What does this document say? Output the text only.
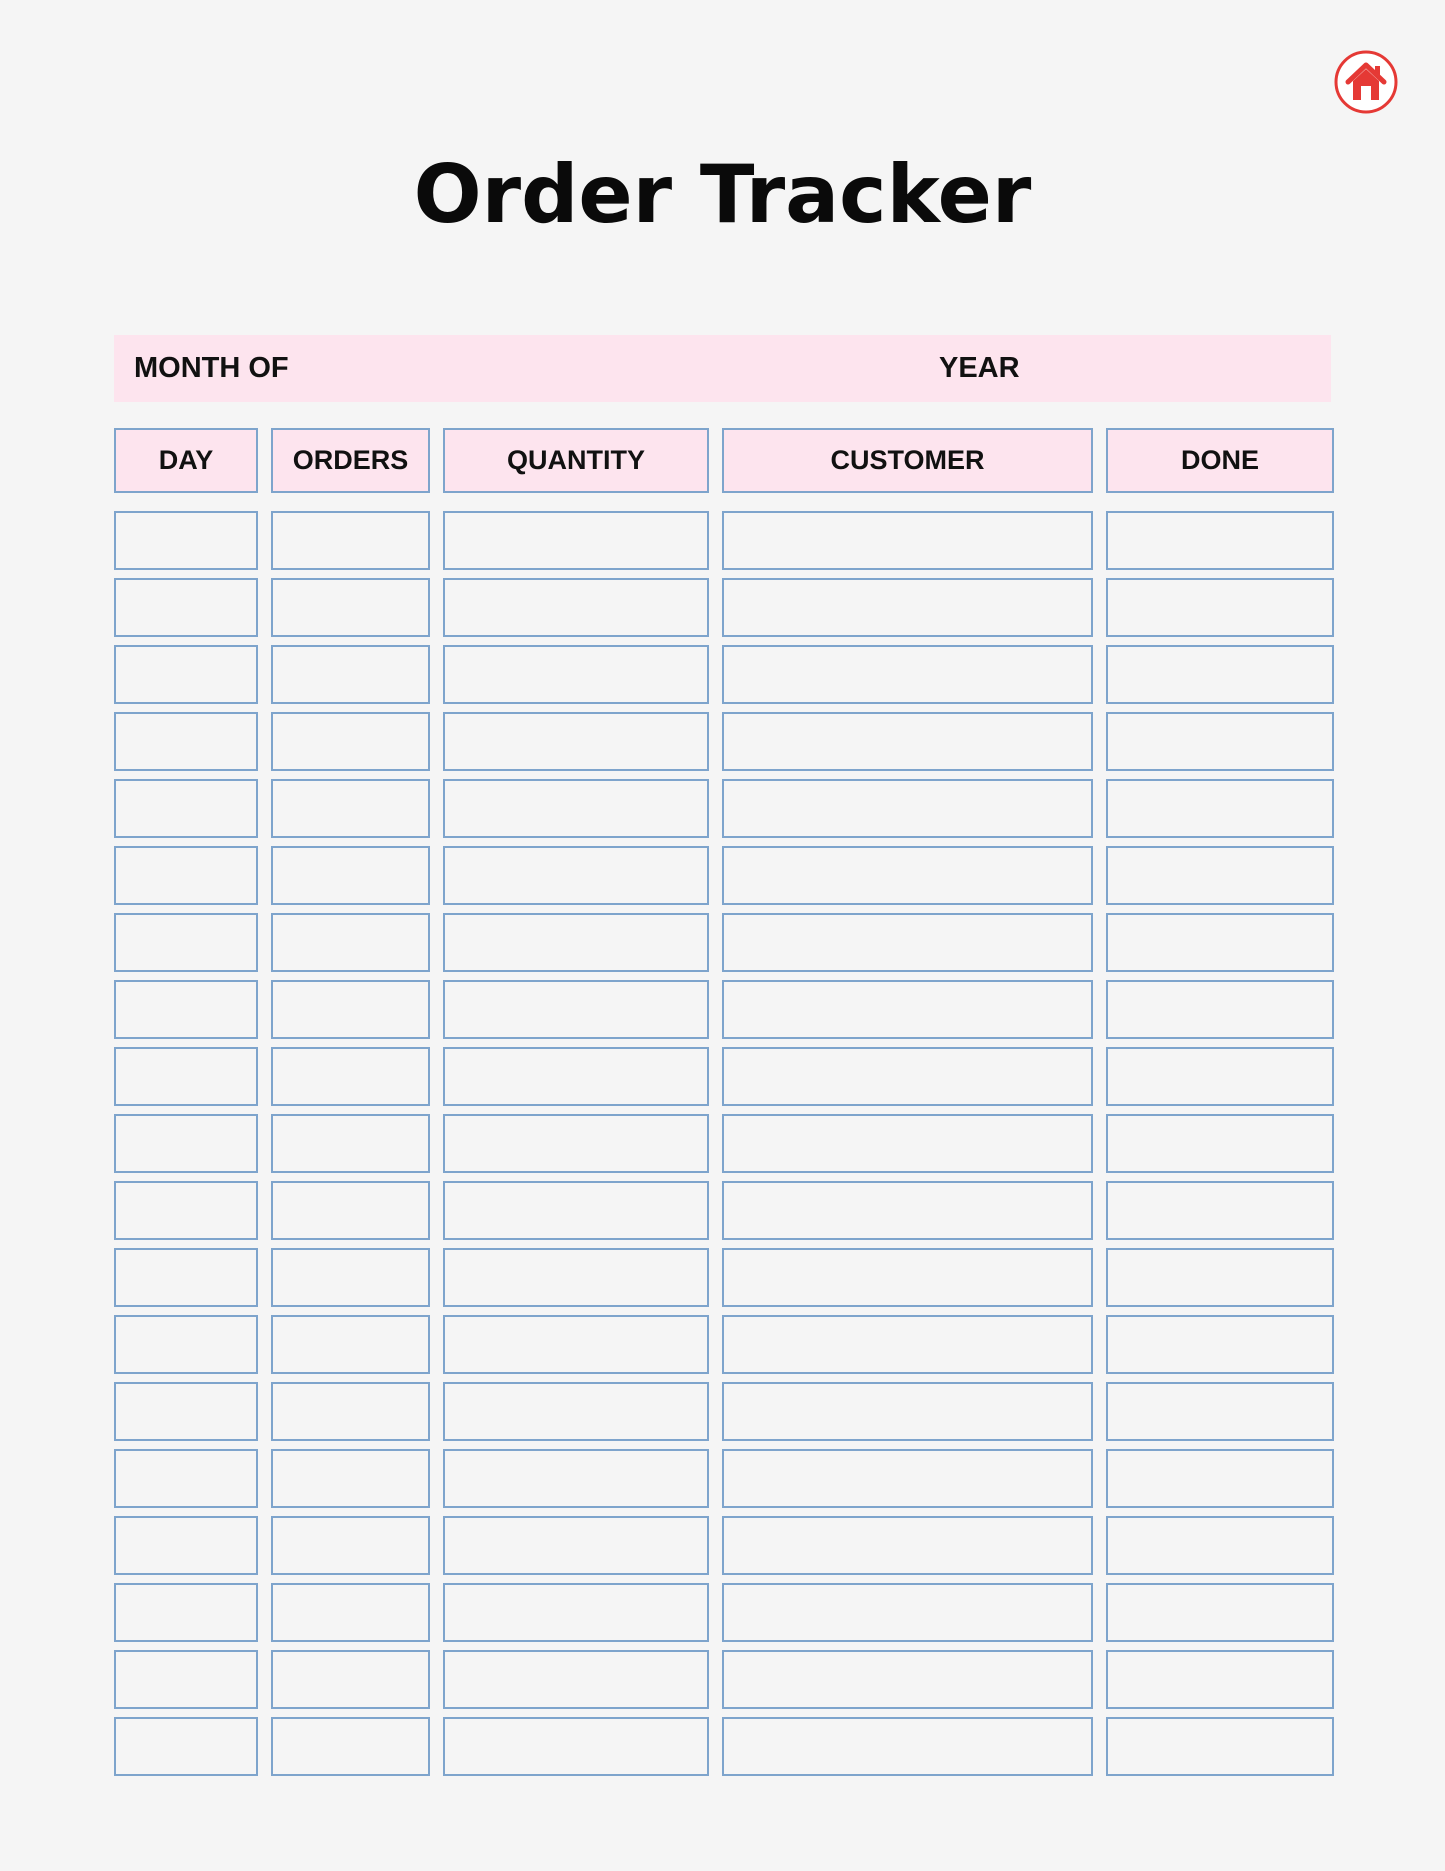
Order Tracker
MONTH OF	YEAR
DAY	ORDERS	QUANTITY	CUSTOMER	DONE
